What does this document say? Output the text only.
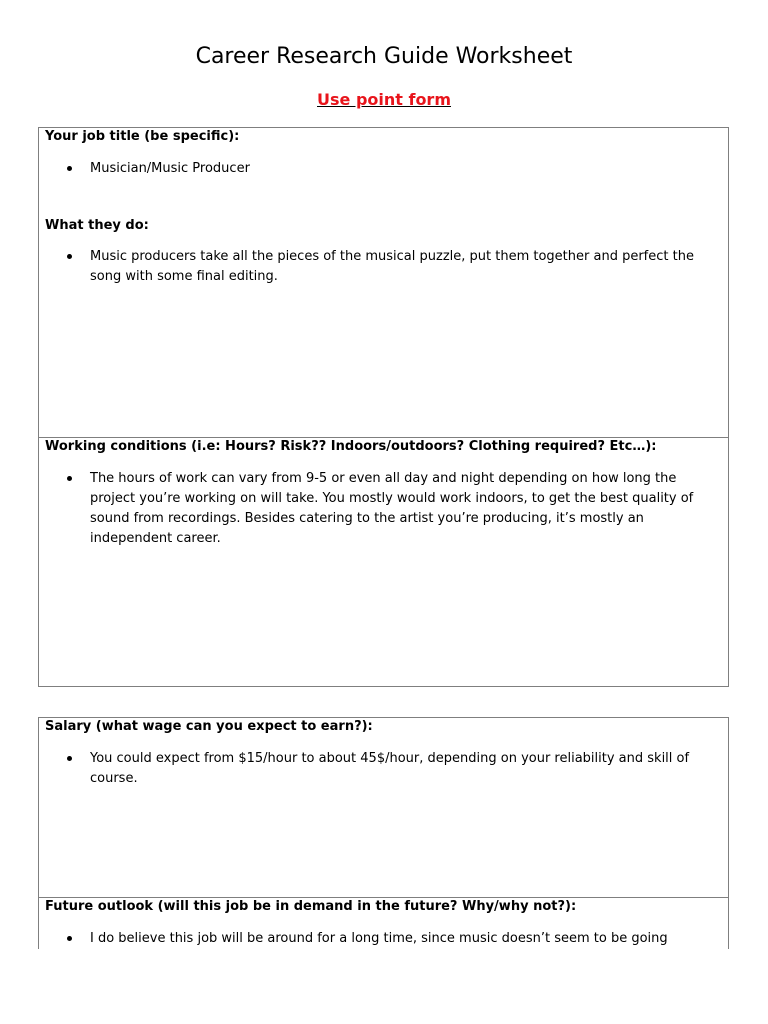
Career Research Guide Worksheet

Use point form

Your job title (be specific):

Musician/Music Producer

What they do:

Music producers take all the pieces of the musical puzzle, put them together and perfect the song with some final editing.

Working conditions (i.e: Hours? Risk?? Indoors/outdoors? Clothing required? Etc…):

The hours of work can vary from 9-5 or even all day and night depending on how long the project you’re working on will take. You mostly would work indoors, to get the best quality of sound from recordings. Besides catering to the artist you’re producing, it’s mostly an independent career.

Salary (what wage can you expect to earn?):

You could expect from $15/hour to about 45$/hour, depending on your reliability and skill of course.

Future outlook (will this job be in demand in the future? Why/why not?):

I do believe this job will be around for a long time, since music doesn’t seem to be going
